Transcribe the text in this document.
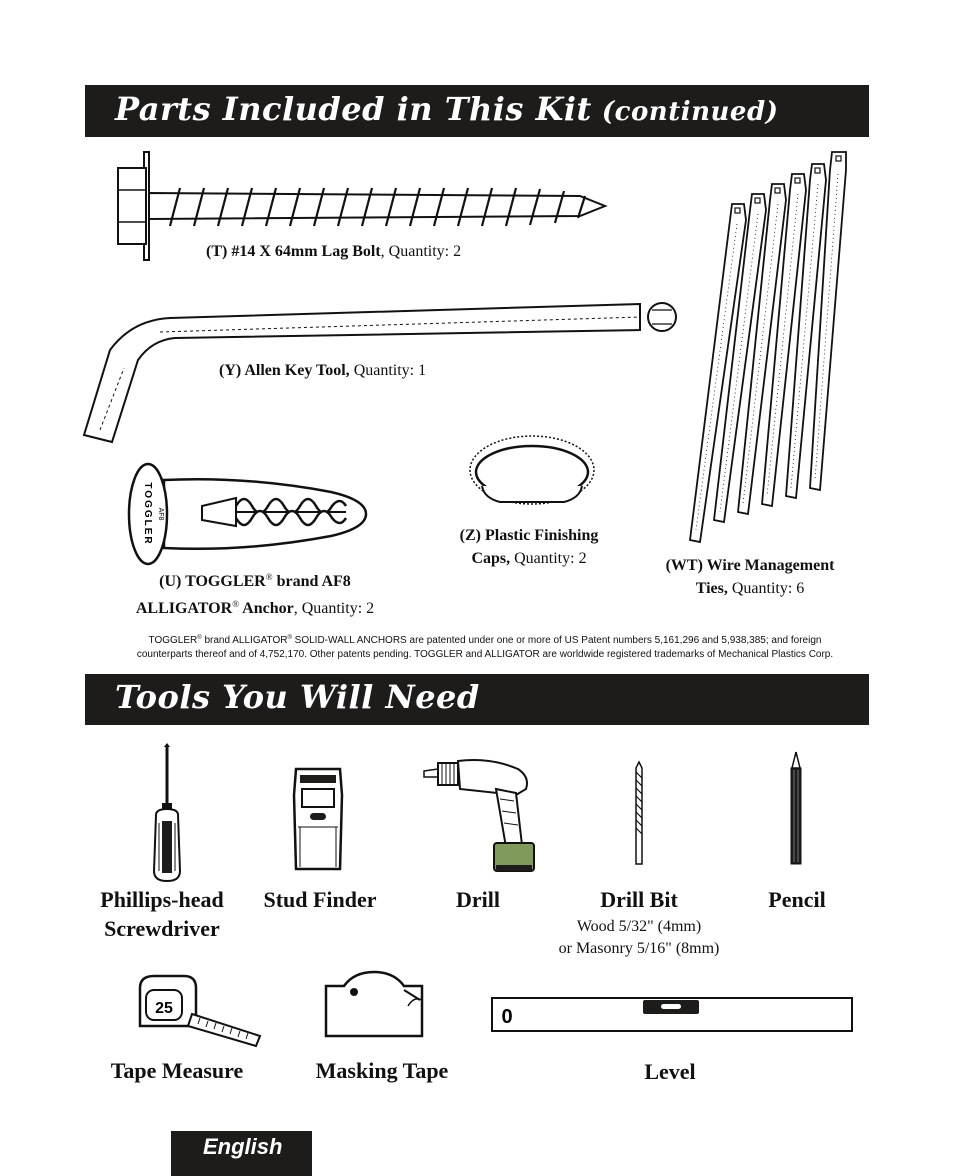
Parts Included in This Kit (continued)
(T) #14 X 64mm Lag Bolt, Quantity: 2
(Y) Allen Key Tool, Quantity: 1
(Z) Plastic Finishing
Caps, Quantity: 2	(WT) Wire Management
Ties, Quantity: 6
TOGGLER AF8
(U) TOGGLER® brand AF8
ALLIGATOR® Anchor, Quantity: 2
TOGGLER® brand ALLIGATOR® SOLID-WALL ANCHORS are patented under one or more of US Patent numbers 5,161,296 and 5,938,385; and foreign
counterparts thereof and of 4,752,170. Other patents pending. TOGGLER and ALLIGATOR are worldwide registered trademarks of Mechanical Plastics Corp.
Tools You Will Need
Phillips-head
Screwdriver
Stud Finder	Drill	Drill Bit
Wood 5/32" (4mm)
or Masonry 5/16" (8mm)
Pencil
25
Tape Measure	Masking Tape
0
Level
English
